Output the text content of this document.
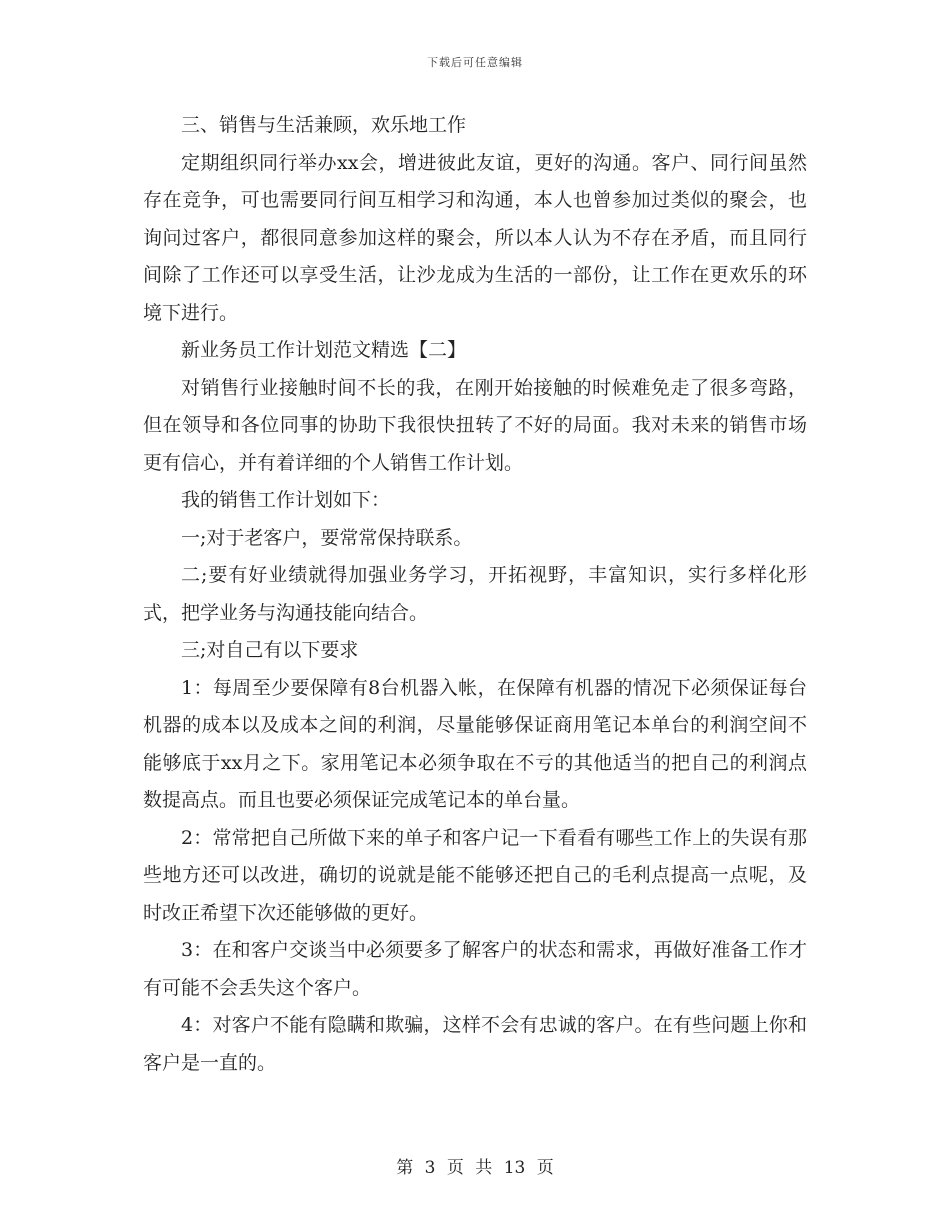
下载后可任意编辑

三、销售与生活兼顾，欢乐地工作

定期组织同行举办xx会，增进彼此友谊，更好的沟通。客户、同行间虽然存在竞争，可也需要同行间互相学习和沟通，本人也曾参加过类似的聚会，也询问过客户，都很同意参加这样的聚会，所以本人认为不存在矛盾，而且同行间除了工作还可以享受生活，让沙龙成为生活的一部份，让工作在更欢乐的环境下进行。

新业务员工作计划范文精选【二】

对销售行业接触时间不长的我，在刚开始接触的时候难免走了很多弯路，但在领导和各位同事的协助下我很快扭转了不好的局面。我对未来的销售市场更有信心，并有着详细的个人销售工作计划。

我的销售工作计划如下：

一;对于老客户，要常常保持联系。

二;要有好业绩就得加强业务学习，开拓视野，丰富知识，实行多样化形式，把学业务与沟通技能向结合。

三;对自己有以下要求

1：每周至少要保障有8台机器入帐，在保障有机器的情况下必须保证每台机器的成本以及成本之间的利润，尽量能够保证商用笔记本单台的利润空间不能够底于xx月之下。家用笔记本必须争取在不亏的其他适当的把自己的利润点数提高点。而且也要必须保证完成笔记本的单台量。

2：常常把自己所做下来的单子和客户记一下看看有哪些工作上的失误有那些地方还可以改进，确切的说就是能不能够还把自己的毛利点提高一点呢，及时改正希望下次还能够做的更好。

3：在和客户交谈当中必须要多了解客户的状态和需求，再做好准备工作才有可能不会丢失这个客户。

4：对客户不能有隐瞒和欺骗，这样不会有忠诚的客户。在有些问题上你和客户是一直的。

第 3 页 共 13 页
